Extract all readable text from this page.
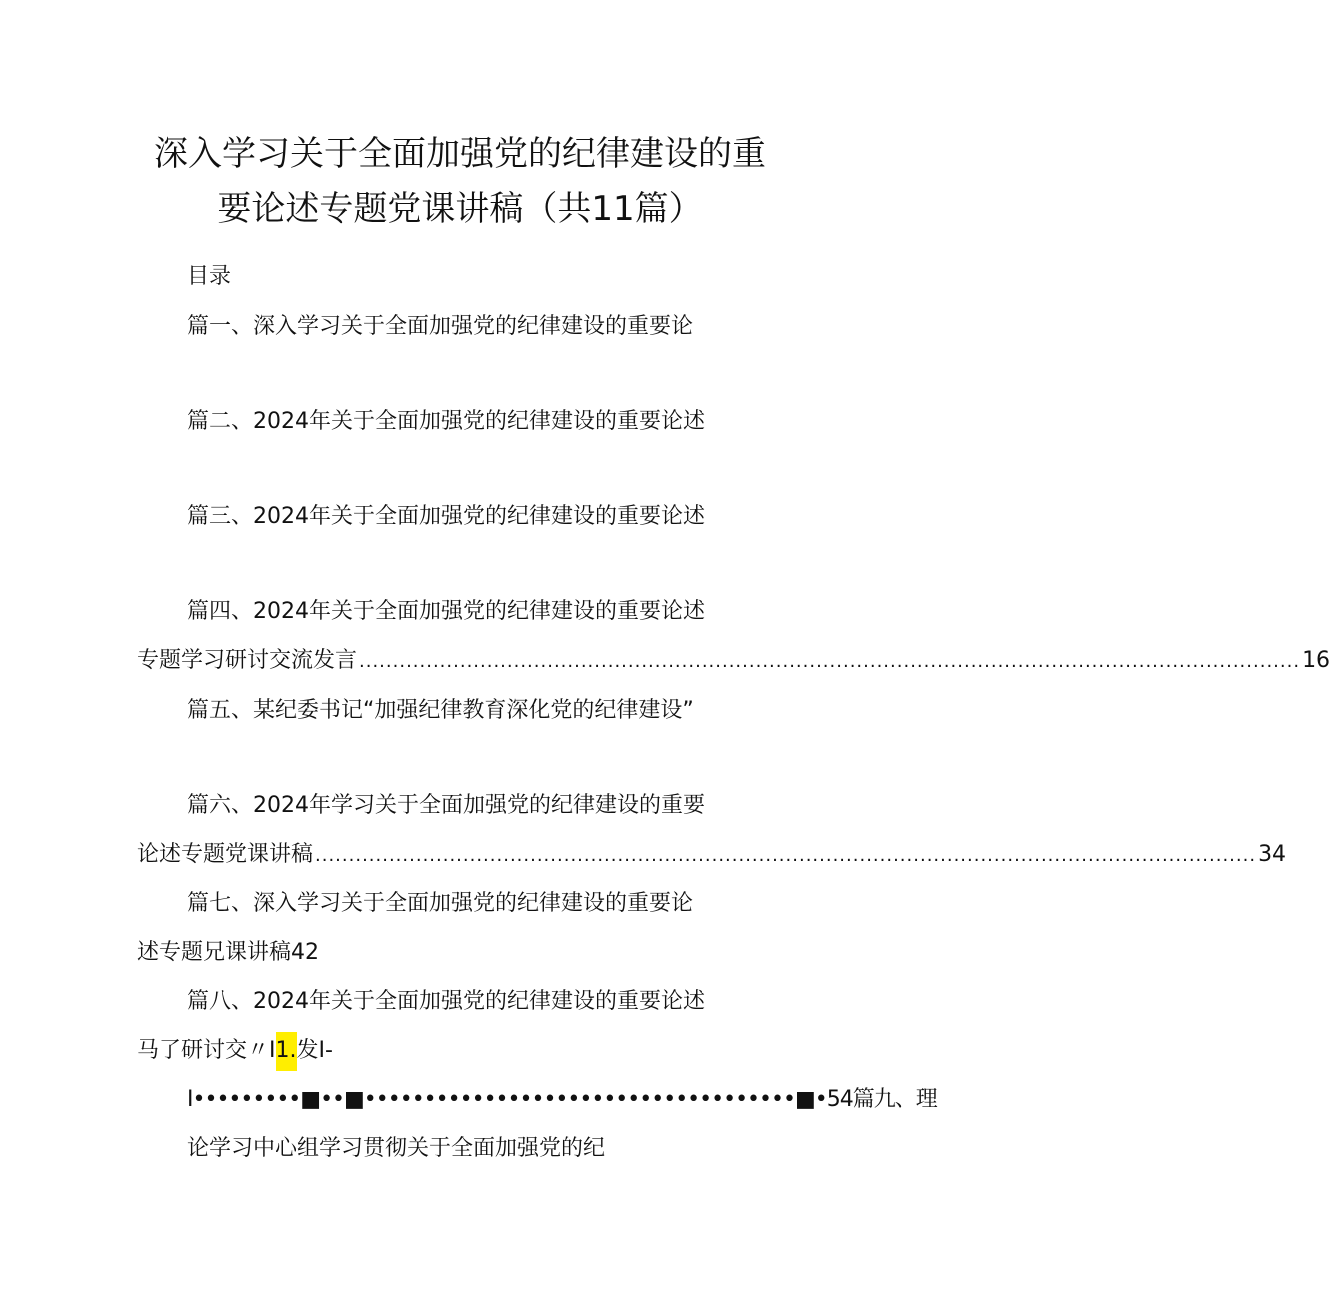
深入学习关于全面加强党的纪律建设的重
要论述专题党课讲稿（共11篇）
目录
篇一、深入学习关于全面加强党的纪律建设的重要论
篇二、2024年关于全面加强党的纪律建设的重要论述
篇三、2024年关于全面加强党的纪律建设的重要论述
篇四、2024年关于全面加强党的纪律建设的重要论述
专题学习研讨交流发言 .....	16
篇五、某纪委书记“加强纪律教育深化党的纪律建设”
篇六、2024年学习关于全面加强党的纪律建设的重要
论述专题党课讲稿 .....	34
篇七、深入学习关于全面加强党的纪律建设的重要论
述专题兄课讲稿42
篇八、2024年关于全面加强党的纪律建设的重要论述
马了研讨交〃I1.发I-
I•••••••••■••■••••••••••••••••••••••••••••••••••••■•54篇九、理
论学习中心组学习贯彻关于全面加强党的纪
